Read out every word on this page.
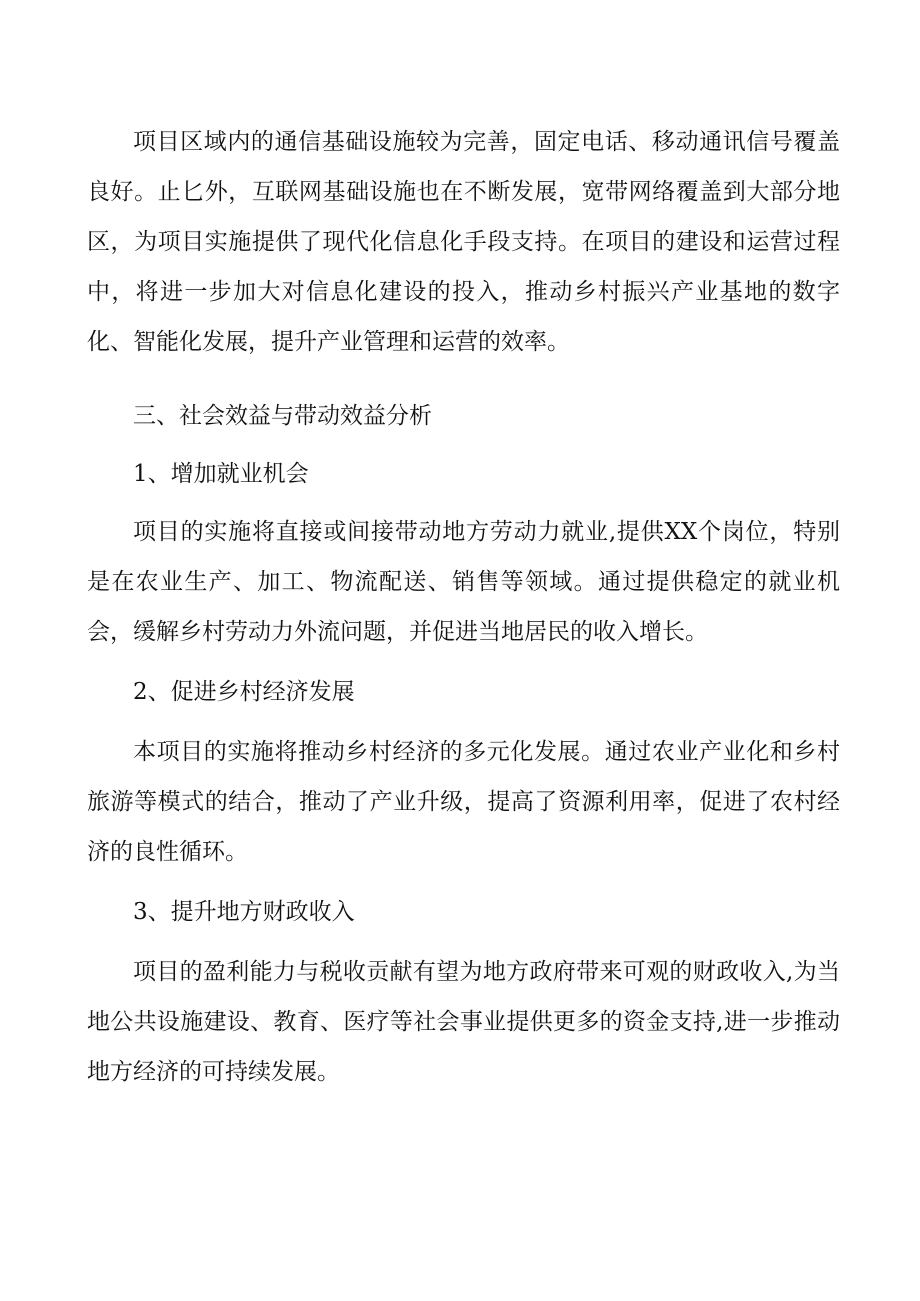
项目区域内的通信基础设施较为完善，固定电话、移动通讯信号覆盖良好。止匕外，互联网基础设施也在不断发展，宽带网络覆盖到大部分地区，为项目实施提供了现代化信息化手段支持。在项目的建设和运营过程中，将进一步加大对信息化建设的投入，推动乡村振兴产业基地的数字化、智能化发展，提升产业管理和运营的效率。

三、社会效益与带动效益分析

1、增加就业机会

项目的实施将直接或间接带动地方劳动力就业,提供XX个岗位，特别是在农业生产、加工、物流配送、销售等领域。通过提供稳定的就业机会，缓解乡村劳动力外流问题，并促进当地居民的收入增长。

2、促进乡村经济发展

本项目的实施将推动乡村经济的多元化发展。通过农业产业化和乡村旅游等模式的结合，推动了产业升级，提高了资源利用率，促进了农村经济的良性循环。

3、提升地方财政收入

项目的盈利能力与税收贡献有望为地方政府带来可观的财政收入,为当地公共设施建设、教育、医疗等社会事业提供更多的资金支持,进一步推动地方经济的可持续发展。
